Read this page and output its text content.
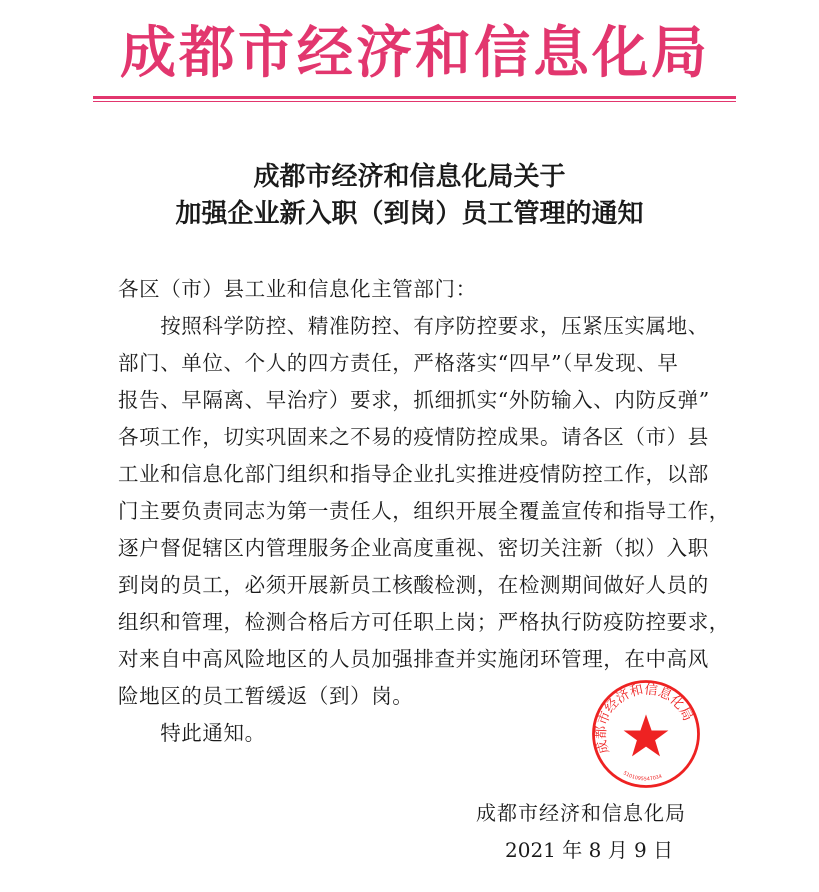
成都市经济和信息化局
成都市经济和信息化局关于
加强企业新入职（到岗）员工管理的通知
各区（市）县工业和信息化主管部门：
　　按照科学防控、精准防控、有序防控要求，压紧压实属地、
部门、单位、个人的四方责任，严格落实“四早”（早发现、早
报告、早隔离、早治疗）要求，抓细抓实“外防输入、内防反弹”
各项工作，切实巩固来之不易的疫情防控成果。请各区（市）县
工业和信息化部门组织和指导企业扎实推进疫情防控工作，以部
门主要负责同志为第一责任人，组织开展全覆盖宣传和指导工作，
逐户督促辖区内管理服务企业高度重视、密切关注新（拟）入职
到岗的员工，必须开展新员工核酸检测，在检测期间做好人员的
组织和管理，检测合格后方可任职上岗；严格执行防疫防控要求，
对来自中高风险地区的人员加强排查并实施闭环管理，在中高风
险地区的员工暂缓返（到）岗。
　　特此通知。
成都市经济和信息化局
5101095547034
成都市经济和信息化局
2021 年 8 月 9 日
